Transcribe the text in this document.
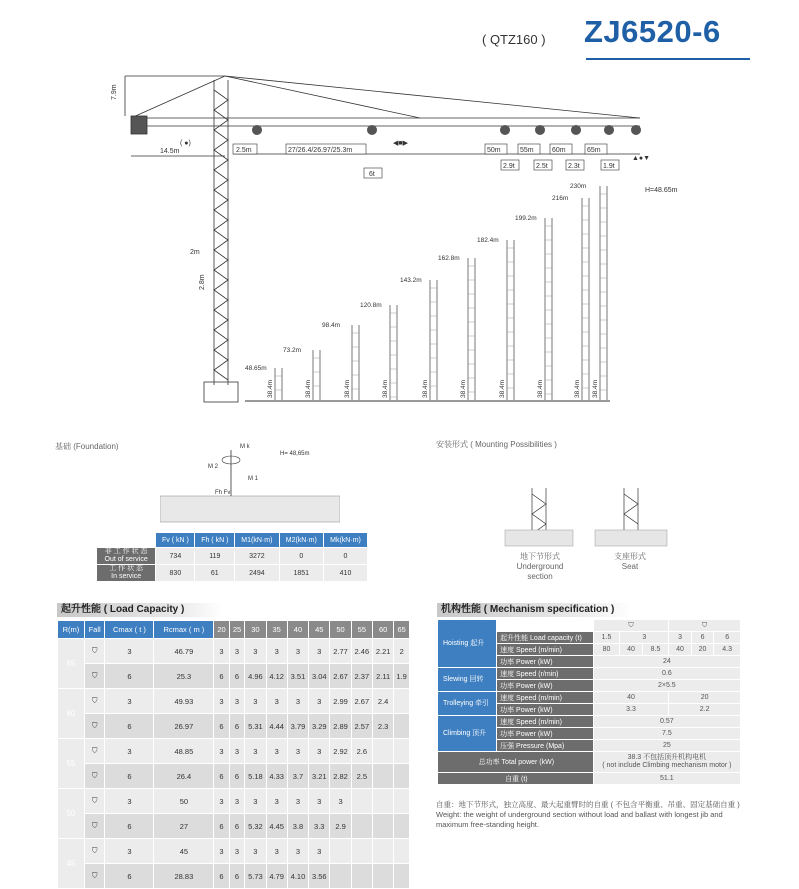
( QTZ160 ) ZJ6520-6
7.9m
14.5m	2.5m	27/26.4/26.97/25.3m
6t
H=48.65m
2m
2.8m
( ●)	◀■▶
▲●▼
50m
2.9t
55m
2.5t
60m
2.3t
65m
1.9t
48.65m
38.4m
73.2m
38.4m
98.4m
38.4m
120.8m
38.4m
143.2m
38.4m
162.8m
38.4m
182.4m
38.4m
199.2m
38.4m
216m
38.4m
230m
38.4m
基础 (Foundation)	M k
M 2
M 1
Fh Fv
H= 48,65m
	Fv ( kN )	Fh ( kN )	M1(kN·m)	M2(kN·m)	Mk(kN·m)
非 工 作 状 态
Out of service	734	119	3272	0	0
工 作 状 态
In service	830	61	2494	1851	410
安装形式 ( Mounting Possibilities )
地下节形式
Underground section
支座形式
Seat
起升性能 ( Load Capacity )
R(m)	Fall	Cmax ( t )	Rcmax ( m )	20	25	30	35	40	45	50	55	60	65
65	⛉	3	46.79	3	3	3	3	3	3	2.77	2.46	2.21	2
	⛉	6	25.3	6	6	4.96	4.12	3.51	3.04	2.67	2.37	2.11	1.9
60	⛉	3	49.93	3	3	3	3	3	3	2.99	2.67	2.4	
	⛉	6	26.97	6	6	5.31	4.44	3.79	3.29	2.89	2.57	2.3	
55	⛉	3	48.85	3	3	3	3	3	3	2.92	2.6		
	⛉	6	26.4	6	6	5.18	4.33	3.7	3.21	2.82	2.5		
50	⛉	3	50	3	3	3	3	3	3	3			
	⛉	6	27	6	6	5.32	4.45	3.8	3.3	2.9			
45	⛉	3	45	3	3	3	3	3	3				
	⛉	6	28.83	6	6	5.73	4.79	4.10	3.56				
机构性能 ( Mechanism specification )
Hoisting 起升		⛉			⛉		
	起升性能 Load capacity (t)	1.5	3		3	6	6
	速度 Speed (m/min)	80	40	8.5	40	20	4.3
	功率 Power (kW)	24					
Slewing 回转	速度 Speed (r/min)	0.6					
	功率 Power (kW)	2×5.5					
Trolleying 牵引	速度 Speed (m/min)	40			20		
	功率 Power (kW)	3.3			2.2		
Climbing 顶升	速度 Speed (m/min)	0.57					
	功率 Power (kW)	7.5					
	压强 Pressure (Mpa)	25					
总功率 Total power (kW)		38.3 不包括顶升机构电机
( not include Climbing mechanism motor )					
自重 (t)		51.1					
自重：地下节形式，独立高度、最大起重臂时的自重 ( 不包含平衡重、吊重、固定基础自重 )
Weight: the weight of underground section without load and ballast with longest jib and maximum free-standing height.
